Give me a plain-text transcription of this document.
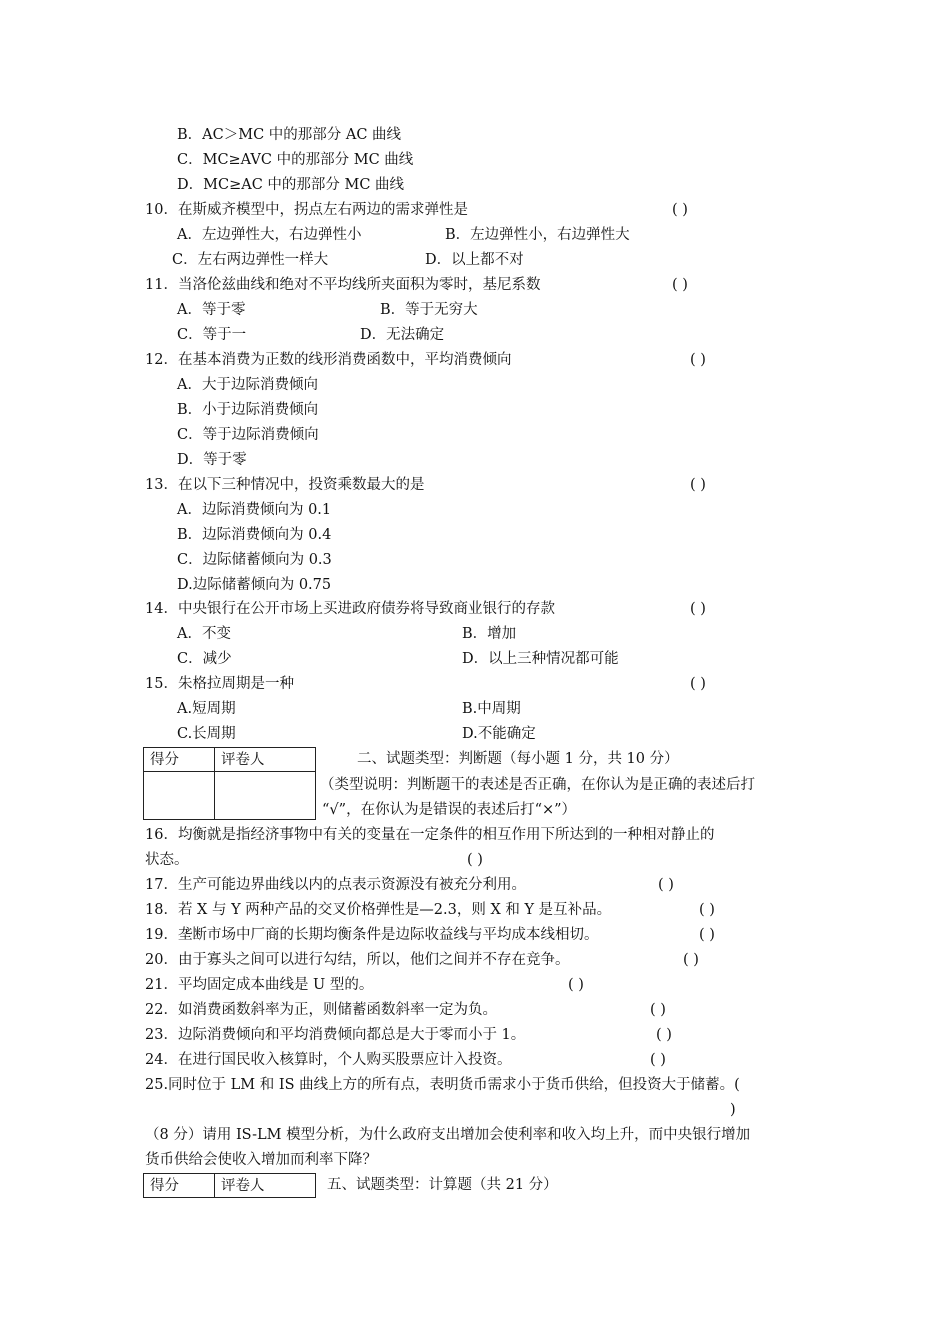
B．AC＞MC 中的那部分 AC 曲线
C．MC≥AVC 中的那部分 MC 曲线
D．MC≥AC 中的那部分 MC 曲线
10．在斯威齐模型中，拐点左右两边的需求弹性是	( )
A．左边弹性大，右边弹性小	B．左边弹性小，右边弹性大
C．左右两边弹性一样大	D．以上都不对
11．当洛伦兹曲线和绝对不平均线所夹面积为零时，基尼系数	( )
A．等于零	B．等于无穷大
C．等于一	D．无法确定
12．在基本消费为正数的线形消费函数中，平均消费倾向	( )
A．大于边际消费倾向
B．小于边际消费倾向
C．等于边际消费倾向
D．等于零
13．在以下三种情况中，投资乘数最大的是	( )
A．边际消费倾向为 0.1
B．边际消费倾向为 0.4
C．边际储蓄倾向为 0.3
D.边际储蓄倾向为 0.75
14．中央银行在公开市场上买进政府债券将导致商业银行的存款	( )
A．不变	B．增加
C．减少	D．以上三种情况都可能
15．朱格拉周期是一种	( )
A.短周期	B.中周期
C.长周期	D.不能确定
得分	评卷人
		二、试题类型：判断题（每小题 1 分，共 10 分）
（类型说明：判断题干的表述是否正确，在你认为是正确的表述后打
“√”，在你认为是错误的表述后打“×”）
16．均衡就是指经济事物中有关的变量在一定条件的相互作用下所达到的一种相对静止的
状态。	( )
17．生产可能边界曲线以内的点表示资源没有被充分利用。	( )
18．若 X 与 Y 两种产品的交叉价格弹性是—2.3，则 X 和 Y 是互补品。	( )
19．垄断市场中厂商的长期均衡条件是边际收益线与平均成本线相切。	( )
20．由于寡头之间可以进行勾结，所以，他们之间并不存在竞争。	( )
21．平均固定成本曲线是 U 型的。	( )
22．如消费函数斜率为正，则储蓄函数斜率一定为负。	( )
23．边际消费倾向和平均消费倾向都总是大于零而小于 1。	( )
24．在进行国民收入核算时，个人购买股票应计入投资。	( )
25.同时位于 LM 和 IS 曲线上方的所有点，表明货币需求小于货币供给，但投资大于储蓄。(
)
（8 分）请用 IS-LM 模型分析，为什么政府支出增加会使利率和收入均上升，而中央银行增加
货币供给会使收入增加而利率下降？
得分	评卷人	五、试题类型：计算题（共 21 分）
